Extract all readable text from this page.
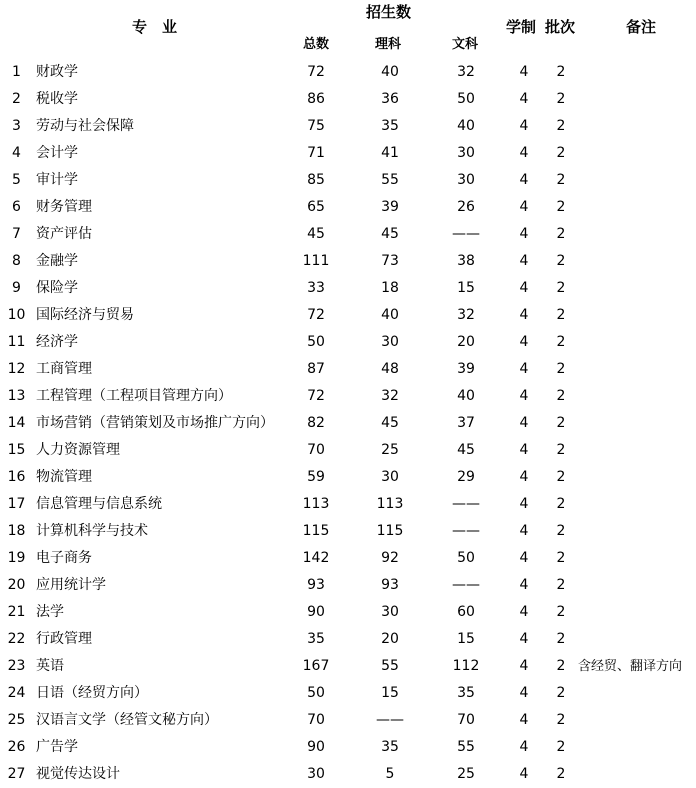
专　业
招生数
总数	理科	文科
学制 批次	备注
1	财政学	72	40	32	4	2
2	税收学	86	36	50	4	2
3	劳动与社会保障	75	35	40	4	2
4	会计学	71	41	30	4	2
5	审计学	85	55	30	4	2
6	财务管理	65	39	26	4	2
7	资产评估	45	45	——	4	2
8	金融学	111	73	38	4	2
9	保险学	33	18	15	4	2
10 国际经济与贸易	72	40	32	4	2
11 经济学	50	30	20	4	2
12 工商管理	87	48	39	4	2
13 工程管理（工程项目管理方向）	72	32	40	4	2
14 市场营销（营销策划及市场推广方向）	82	45	37	4	2
15 人力资源管理	70	25	45	4	2
16 物流管理	59	30	29	4	2
17 信息管理与信息系统	113	113	——	4	2
18 计算机科学与技术	115	115	——	4	2
19 电子商务	142	92	50	4	2
20 应用统计学	93	93	——	4	2
21 法学	90	30	60	4	2
22 行政管理	35	20	15	4	2
23 英语	167	55	112	4	2 含经贸、翻译方向
24 日语（经贸方向）	50	15	35	4	2
25 汉语言文学（经管文秘方向）	70	——	70	4	2
26 广告学	90	35	55	4	2
27 视觉传达设计	30	5	25	4	2
